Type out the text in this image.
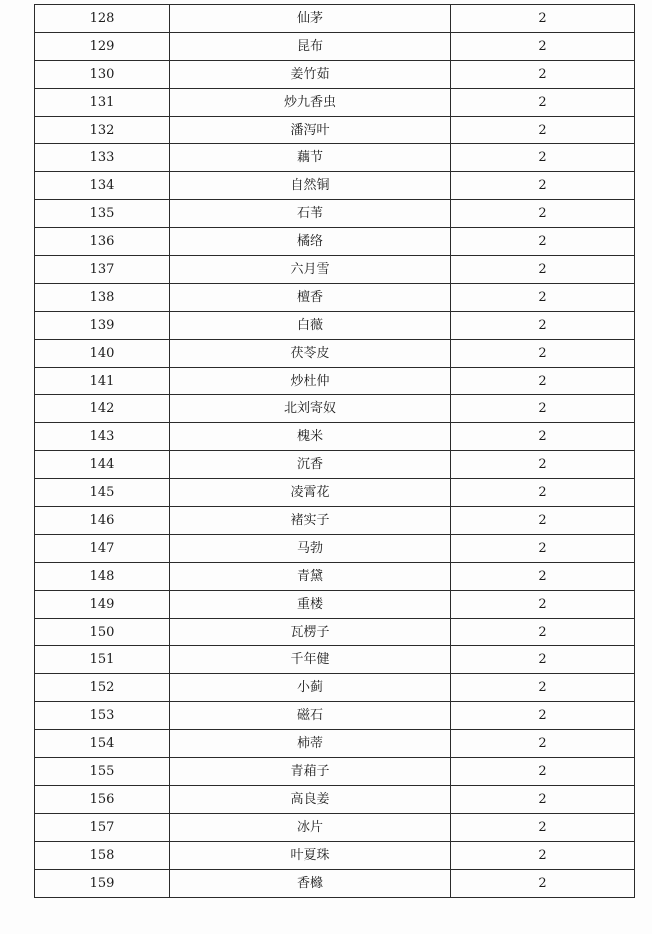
128	仙茅	2
129	昆布	2
130	姜竹茹	2
131	炒九香虫	2
132	潘泻叶	2
133	藕节	2
134	自然铜	2
135	石苇	2
136	橘络	2
137	六月雪	2
138	檀香	2
139	白薇	2
140	茯苓皮	2
141	炒杜仲	2
142	北刘寄奴	2
143	槐米	2
144	沉香	2
145	凌霄花	2
146	褚实子	2
147	马勃	2
148	青黛	2
149	重楼	2
150	瓦楞子	2
151	千年健	2
152	小蓟	2
153	磁石	2
154	柿蒂	2
155	青葙子	2
156	高良姜	2
157	冰片	2
158	叶夏珠	2
159	香櫞	2
